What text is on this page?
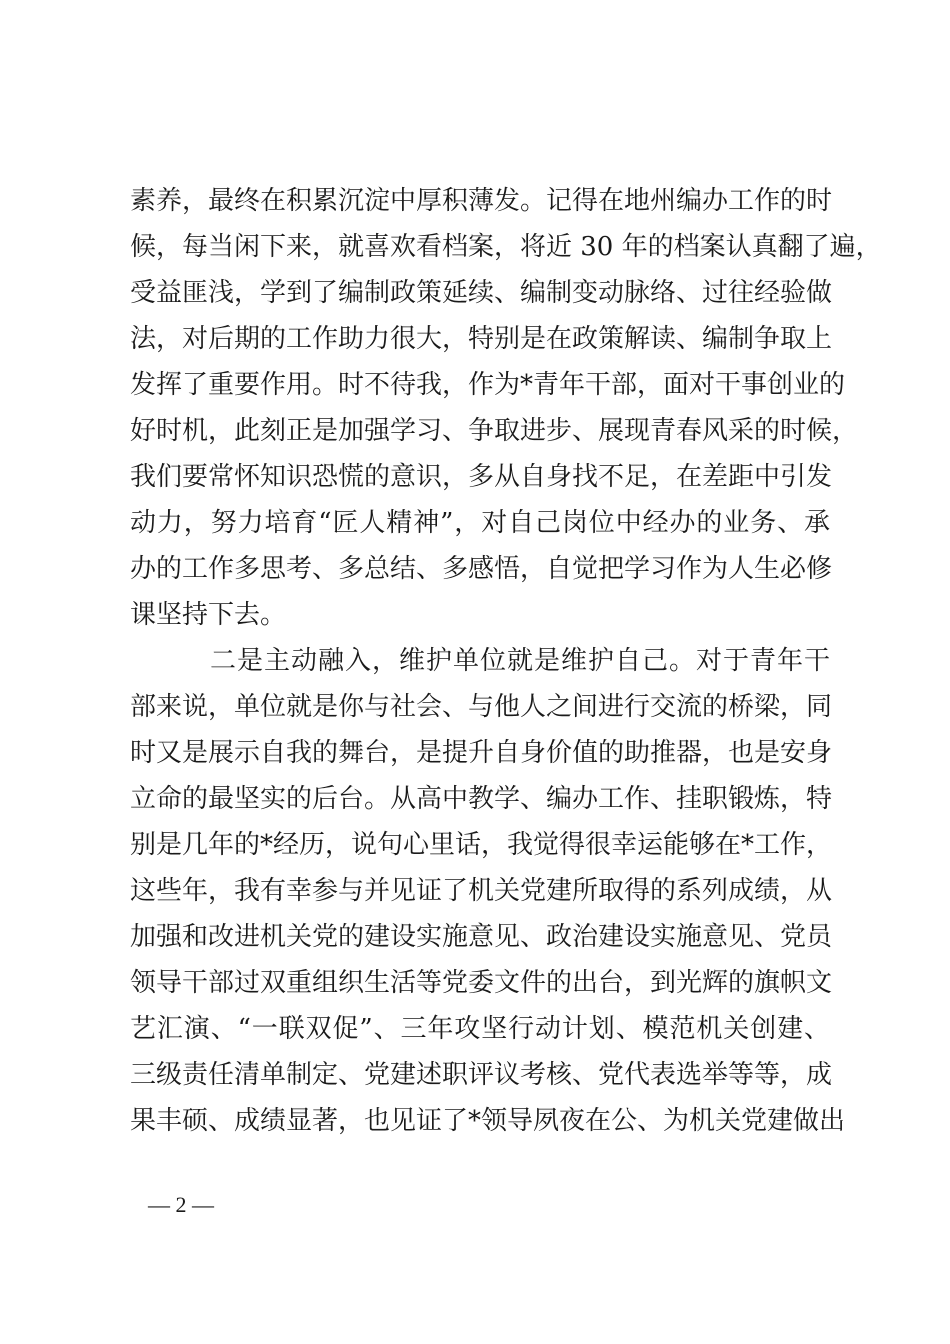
素养，最终在积累沉淀中厚积薄发。记得在地州编办工作的时
候，每当闲下来，就喜欢看档案，将近 30 年的档案认真翻了遍，
受益匪浅，学到了编制政策延续、编制变动脉络、过往经验做
法，对后期的工作助力很大，特别是在政策解读、编制争取上
发挥了重要作用。时不待我，作为*青年干部，面对干事创业的
好时机，此刻正是加强学习、争取进步、展现青春风采的时候，
我们要常怀知识恐慌的意识，多从自身找不足，在差距中引发
动力，努力培育“匠人精神”，对自己岗位中经办的业务、承
办的工作多思考、多总结、多感悟，自觉把学习作为人生必修
课坚持下去。
二是主动融入，维护单位就是维护自己。对于青年干
部来说，单位就是你与社会、与他人之间进行交流的桥梁，同
时又是展示自我的舞台，是提升自身价值的助推器，也是安身
立命的最坚实的后台。从高中教学、编办工作、挂职锻炼，特
别是几年的*经历，说句心里话，我觉得很幸运能够在*工作，
这些年，我有幸参与并见证了机关党建所取得的系列成绩，从
加强和改进机关党的建设实施意见、政治建设实施意见、党员
领导干部过双重组织生活等党委文件的出台，到光辉的旗帜文
艺汇演、“一联双促”、三年攻坚行动计划、模范机关创建、
三级责任清单制定、党建述职评议考核、党代表选举等等，成
果丰硕、成绩显著，也见证了*领导夙夜在公、为机关党建做出
— 2 —
